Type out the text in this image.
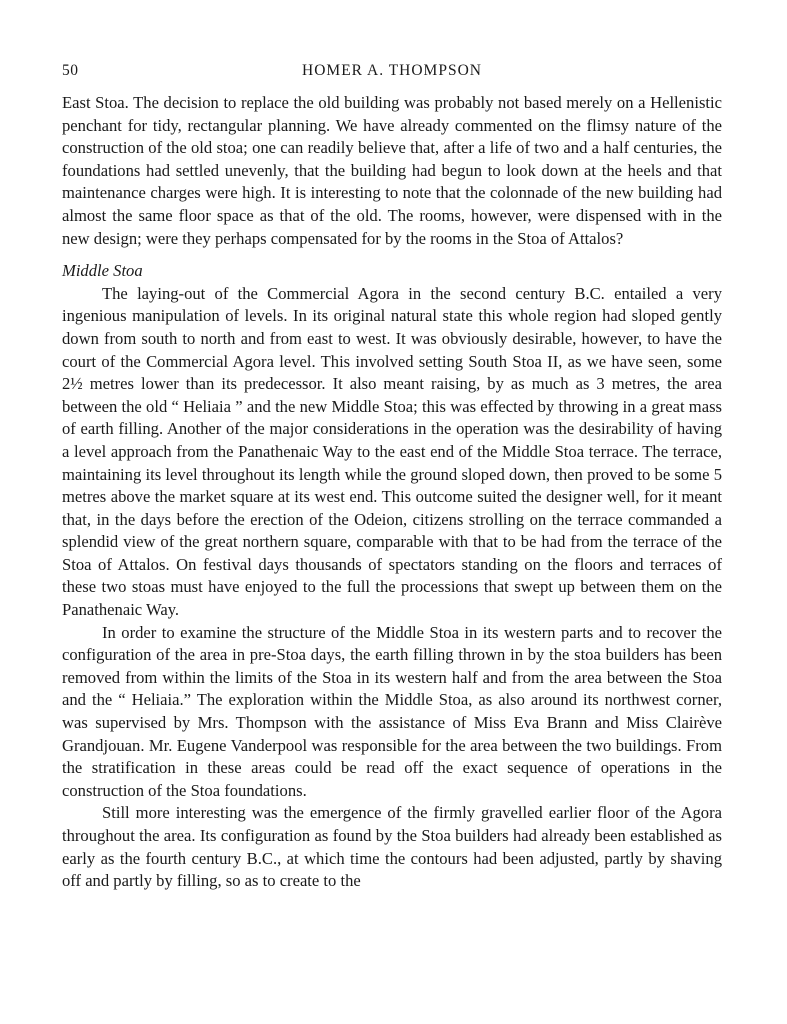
50	HOMER A. THOMPSON

East Stoa. The decision to replace the old building was probably not based merely on a Hellenistic penchant for tidy, rectangular planning. We have already commented on the flimsy nature of the construction of the old stoa; one can readily believe that, after a life of two and a half centuries, the foundations had settled unevenly, that the building had begun to look down at the heels and that maintenance charges were high. It is interesting to note that the colonnade of the new building had almost the same floor space as that of the old. The rooms, however, were dispensed with in the new design; were they perhaps compensated for by the rooms in the Stoa of Attalos?

Middle Stoa

The laying-out of the Commercial Agora in the second century B.C. entailed a very ingenious manipulation of levels. In its original natural state this whole region had sloped gently down from south to north and from east to west. It was obviously desirable, however, to have the court of the Commercial Agora level. This involved setting South Stoa II, as we have seen, some 2½ metres lower than its predecessor. It also meant raising, by as much as 3 metres, the area between the old “ Heliaia ” and the new Middle Stoa; this was effected by throwing in a great mass of earth filling. Another of the major considerations in the operation was the desirability of having a level approach from the Panathenaic Way to the east end of the Middle Stoa terrace. The terrace, maintaining its level throughout its length while the ground sloped down, then proved to be some 5 metres above the market square at its west end. This outcome suited the designer well, for it meant that, in the days before the erection of the Odeion, citizens strolling on the terrace commanded a splendid view of the great northern square, comparable with that to be had from the terrace of the Stoa of Attalos. On festival days thousands of spectators standing on the floors and terraces of these two stoas must have enjoyed to the full the processions that swept up between them on the Panathenaic Way.

In order to examine the structure of the Middle Stoa in its western parts and to recover the configuration of the area in pre-Stoa days, the earth filling thrown in by the stoa builders has been removed from within the limits of the Stoa in its western half and from the area between the Stoa and the “ Heliaia.” The exploration within the Middle Stoa, as also around its northwest corner, was supervised by Mrs. Thompson with the assistance of Miss Eva Brann and Miss Clairève Grandjouan. Mr. Eugene Vanderpool was responsible for the area between the two buildings. From the stratification in these areas could be read off the exact sequence of operations in the construction of the Stoa foundations.

Still more interesting was the emergence of the firmly gravelled earlier floor of the Agora throughout the area. Its configuration as found by the Stoa builders had already been established as early as the fourth century B.C., at which time the contours had been adjusted, partly by shaving off and partly by filling, so as to create to the
